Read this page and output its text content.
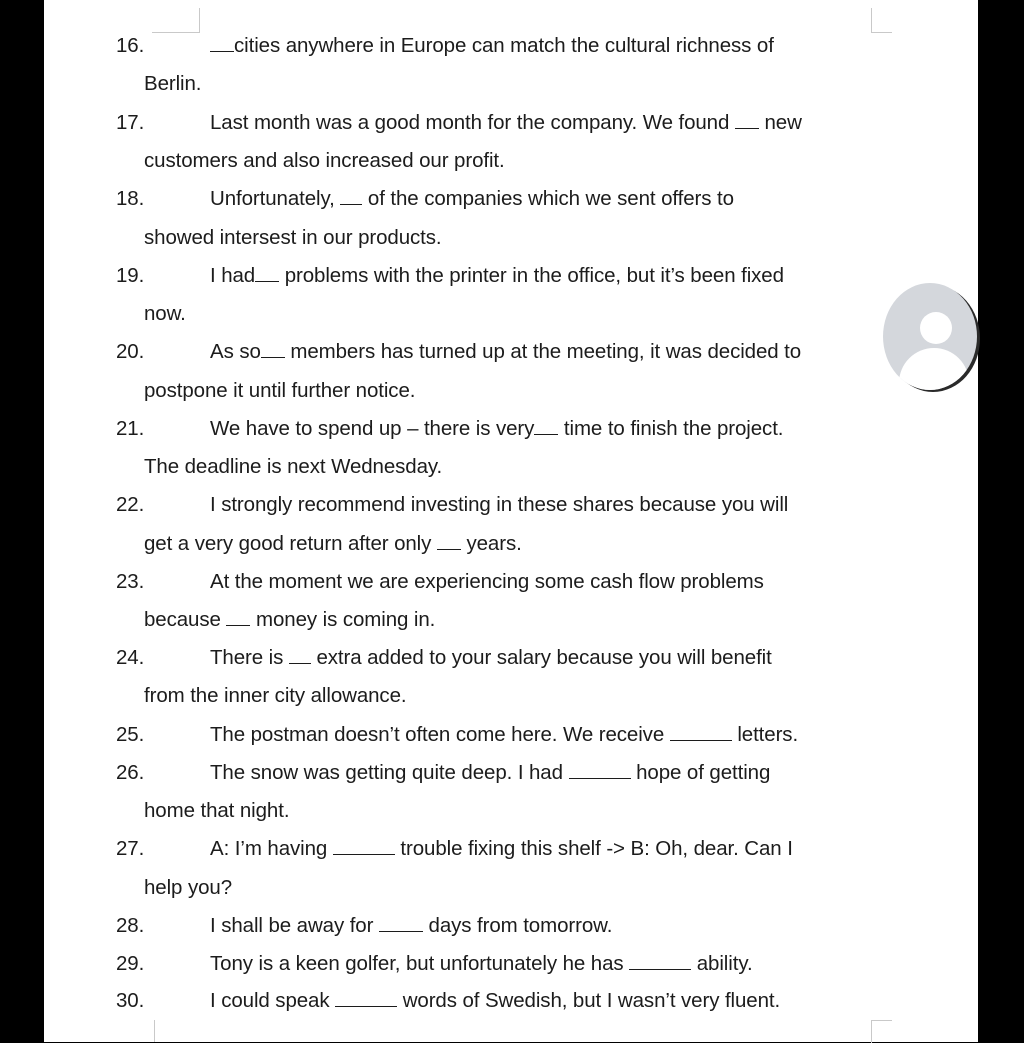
16.	cities anywhere in Europe can match the cultural richness of
Berlin.
17.	Last month was a good month for the company. We found  new
customers and also increased our profit.
18.	Unfortunately,  of the companies which we sent offers to
showed intersest in our products.
19.	I had problems with the printer in the office, but it’s been fixed
now.
20.	As so members has turned up at the meeting, it was decided to
postpone it until further notice.
21.	We have to spend up – there is very time to finish the project.
The deadline is next Wednesday.
22.	I strongly recommend investing in these shares because you will
get a very good return after only  years.
23.	At the moment we are experiencing some cash flow problems
because  money is coming in.
24.	There is  extra added to your salary because you will benefit
from the inner city allowance.
25.	The postman doesn’t often come here. We receive	letters.
26.	The snow was getting quite deep. I had	hope of getting
home that night.
27.	A: I’m having	trouble fixing this shelf -> B: Oh, dear. Can I
help you?
28.	I shall be away for  days from tomorrow.
29.	Tony is a keen golfer, but unfortunately he has	ability.
30.	I could speak	words of Swedish, but I wasn’t very fluent.
